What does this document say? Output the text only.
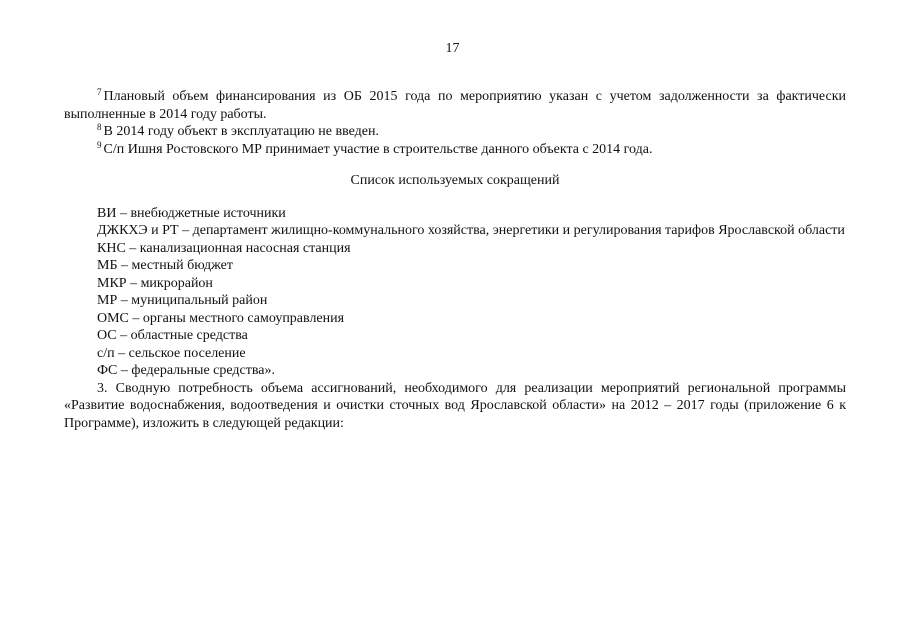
17

$^7$ Плановый объем финансирования из ОБ 2015 года по мероприятию указан с учетом задолженности за фактически выполненные в 2014 году работы.

$^8$ В 2014 году объект в эксплуатацию не введен.

$^9$ С/п Ишня Ростовского МР принимает участие в строительстве данного объекта с 2014 года.

Список используемых сокращений

ВИ – внебюджетные источники
ДЖКХЭ и РТ – департамент жилищно-коммунального хозяйства, энергетики и регулирования тарифов Ярославской области
КНС – канализационная насосная станция
МБ – местный бюджет
МКР – микрорайон
МР – муниципальный район
ОМС – органы местного самоуправления
ОС – областные средства
с/п – сельское поселение
ФС – федеральные средства».

3. Сводную потребность объема ассигнований, необходимого для реализации мероприятий региональной программы «Развитие водоснабжения, водоотведения и очистки сточных вод Ярославской области» на 2012 – 2017 годы (приложение 6 к Программе), изложить в следующей редакции:
